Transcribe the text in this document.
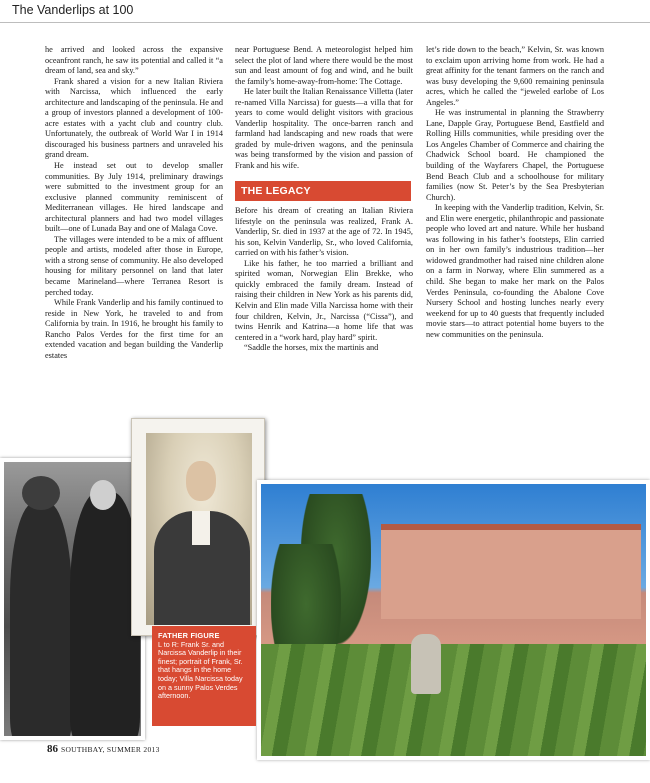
The Vanderlips at 100

he arrived and looked across the expansive oceanfront ranch, he saw its potential and called it “a dream of land, sea and sky.”

Frank shared a vision for a new Italian Riviera with Narcissa, which influenced the early architecture and landscaping of the peninsula. He and a group of investors planned a development of 100-acre estates with a yacht club and country club. Unfortunately, the outbreak of World War I in 1914 discouraged his business partners and unraveled his grand dream.

He instead set out to develop smaller communities. By July 1914, preliminary drawings were submitted to the investment group for an exclusive planned community reminiscent of Mediterranean villages. He hired landscape and architectural planners and had two model villages built—one of Lunada Bay and one of Malaga Cove.

The villages were intended to be a mix of affluent people and artists, modeled after those in Europe, with a strong sense of community. He also developed housing for military personnel on land that later became Marineland—where Terranea Resort is perched today.

While Frank Vanderlip and his family continued to reside in New York, he traveled to and from California by train. In 1916, he brought his family to Rancho Palos Verdes for the first time for an extended vacation and began building the Vanderlip estates

near Portuguese Bend. A meteorologist helped him select the plot of land where there would be the most sun and least amount of fog and wind, and he built the family’s home-away-from-home: The Cottage.

He later built the Italian Renaissance Villetta (later re-named Villa Narcissa) for guests—a villa that for years to come would delight visitors with gracious Vanderlip hospitality. The once-barren ranch and farmland had landscaping and new roads that were graded by mule-driven wagons, and the peninsula was being transformed by the vision and passion of Frank and his wife.

THE LEGACY

Before his dream of creating an Italian Riviera lifestyle on the peninsula was realized, Frank A. Vanderlip, Sr. died in 1937 at the age of 72. In 1945, his son, Kelvin Vanderlip, Sr., who loved California, carried on with his father’s vision.

Like his father, he too married a brilliant and spirited woman, Norwegian Elin Brekke, who quickly embraced the family dream. Instead of raising their children in New York as his parents did, Kelvin and Elin made Villa Narcissa home with their four children, Kelvin, Jr., Narcissa (“Cissa”), and twins Henrik and Katrina—a home life that was centered in a “work hard, play hard” spirit.

“Saddle the horses, mix the martinis and

let’s ride down to the beach,” Kelvin, Sr. was known to exclaim upon arriving home from work. He had a great affinity for the tenant farmers on the ranch and was busy developing the 9,600 remaining peninsula acres, which he called the “jeweled earlobe of Los Angeles.”

He was instrumental in planning the Strawberry Lane, Dapple Gray, Portuguese Bend, Eastfield and Rolling Hills communities, while presiding over the Los Angeles Chamber of Commerce and chairing the Chadwick School board. He championed the building of the Wayfarers Chapel, the Portuguese Bend Beach Club and a schoolhouse for military families (now St. Peter’s by the Sea Presbyterian Church).

In keeping with the Vanderlip tradition, Kelvin, Sr. and Elin were energetic, philanthropic and passionate people who loved art and nature. While her husband was following in his father’s footsteps, Elin carried on in her own family’s industrious tradition—her widowed grandmother had raised nine children alone on a farm in Norway, where Elin summered as a child. She began to make her mark on the Palos Verdes Peninsula, co-founding the Abalone Cove Nursery School and hosting lunches nearly every weekend for up to 40 guests that frequently included movie stars—to attract potential home buyers to the new communities on the peninsula.

FATHER FIGURE
L to R: Frank Sr. and Narcissa Vanderlip in their finest; portrait of Frank, Sr. that hangs in the home today; Villa Narcissa today on a sunny Palos Verdes afternoon.
86 SOUTHBAY, SUMMER 2013
